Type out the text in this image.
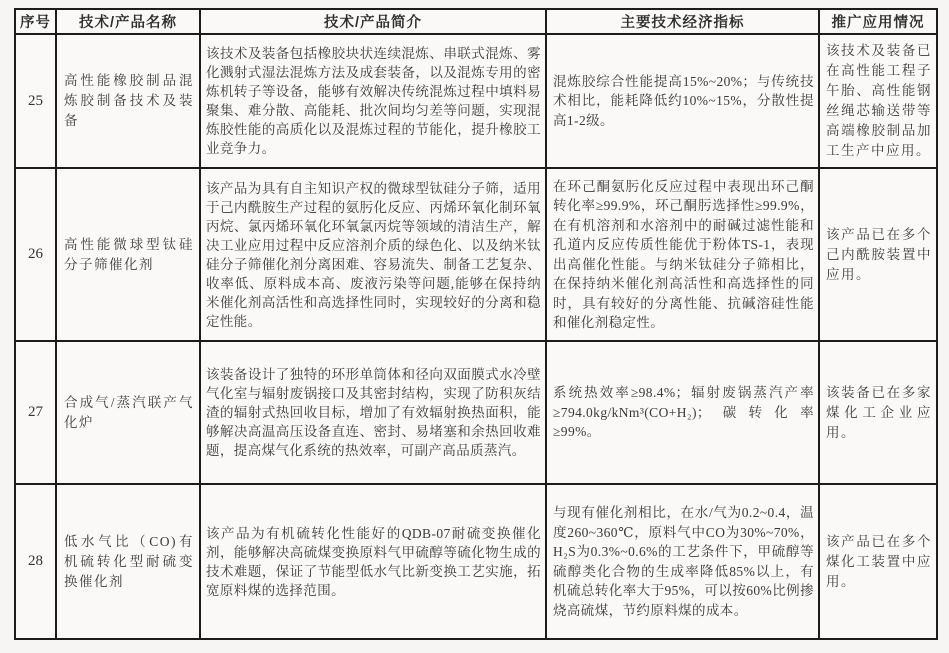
序号	技术/产品名称	技术/产品简介	主要技术经济指标	推广应用情况
25	高性能橡胶制品混炼胶制备技术及装备	该技术及装备包括橡胶块状连续混炼、串联式混炼、雾化溅射式湿法混炼方法及成套装备，以及混炼专用的密炼机转子等设备，能够有效解决传统混炼过程中填料易聚集、难分散、高能耗、批次间均匀差等问题，实现混炼胶性能的高质化以及混炼过程的节能化，提升橡胶工业竞争力。	混炼胶综合性能提高15%~20%；与传统技术相比，能耗降低约10%~15%，分散性提高1-2级。	该技术及装备已在高性能工程子午胎、高性能钢丝绳芯输送带等高端橡胶制品加工生产中应用。
26	高性能微球型钛硅分子筛催化剂	该产品为具有自主知识产权的微球型钛硅分子筛，适用于己内酰胺生产过程的氨肟化反应、丙烯环氧化制环氧丙烷、氯丙烯环氧化环氧氯丙烷等领域的清洁生产，解决工业应用过程中反应溶剂介质的绿色化、以及纳米钛硅分子筛催化剂分离困难、容易流失、制备工艺复杂、收率低、原料成本高、废液污染等问题,能够在保持纳米催化剂高活性和高选择性同时，实现较好的分离和稳定性能。	在环己酮氨肟化反应过程中表现出环己酮转化率≥99.9%，环己酮肟选择性≥99.9%，在有机溶剂和水溶剂中的耐碱过滤性能和孔道内反应传质性能优于粉体TS-1，表现出高催化性能。与纳米钛硅分子筛相比，在保持纳米催化剂高活性和高选择性的同时，具有较好的分离性能、抗碱溶硅性能和催化剂稳定性。	该产品已在多个己内酰胺装置中应用。
27	合成气/蒸汽联产气化炉	该装备设计了独特的环形单筒体和径向双面膜式水冷壁气化室与辐射废锅接口及其密封结构，实现了防积灰结渣的辐射式热回收目标，增加了有效辐射换热面积，能够解决高温高压设备直连、密封、易堵塞和余热回收难题，提高煤气化系统的热效率，可副产高品质蒸汽。	系统热效率≥98.4%；辐射废锅蒸汽产率≥794.0kg/kNm³(CO+H₂)；碳转化率≥99%。	该装备已在多家煤化工企业应用。
28	低水气比（CO)有机硫转化型耐硫变换催化剂	该产品为有机硫转化性能好的QDB-07耐硫变换催化剂，能够解决高硫煤变换原料气甲硫醇等硫化物生成的技术难题，保证了节能型低水气比新变换工艺实施，拓宽原料煤的选择范围。	与现有催化剂相比，在水/气为0.2~0.4，温度260~360℃，原料气中CO为30%~70%，H₂S为0.3%~0.6%的工艺条件下，甲硫醇等硫醇类化合物的生成率降低85%以上，有机硫总转化率大于95%，可以按60%比例掺烧高硫煤，节约原料煤的成本。	该产品已在多个煤化工装置中应用。
